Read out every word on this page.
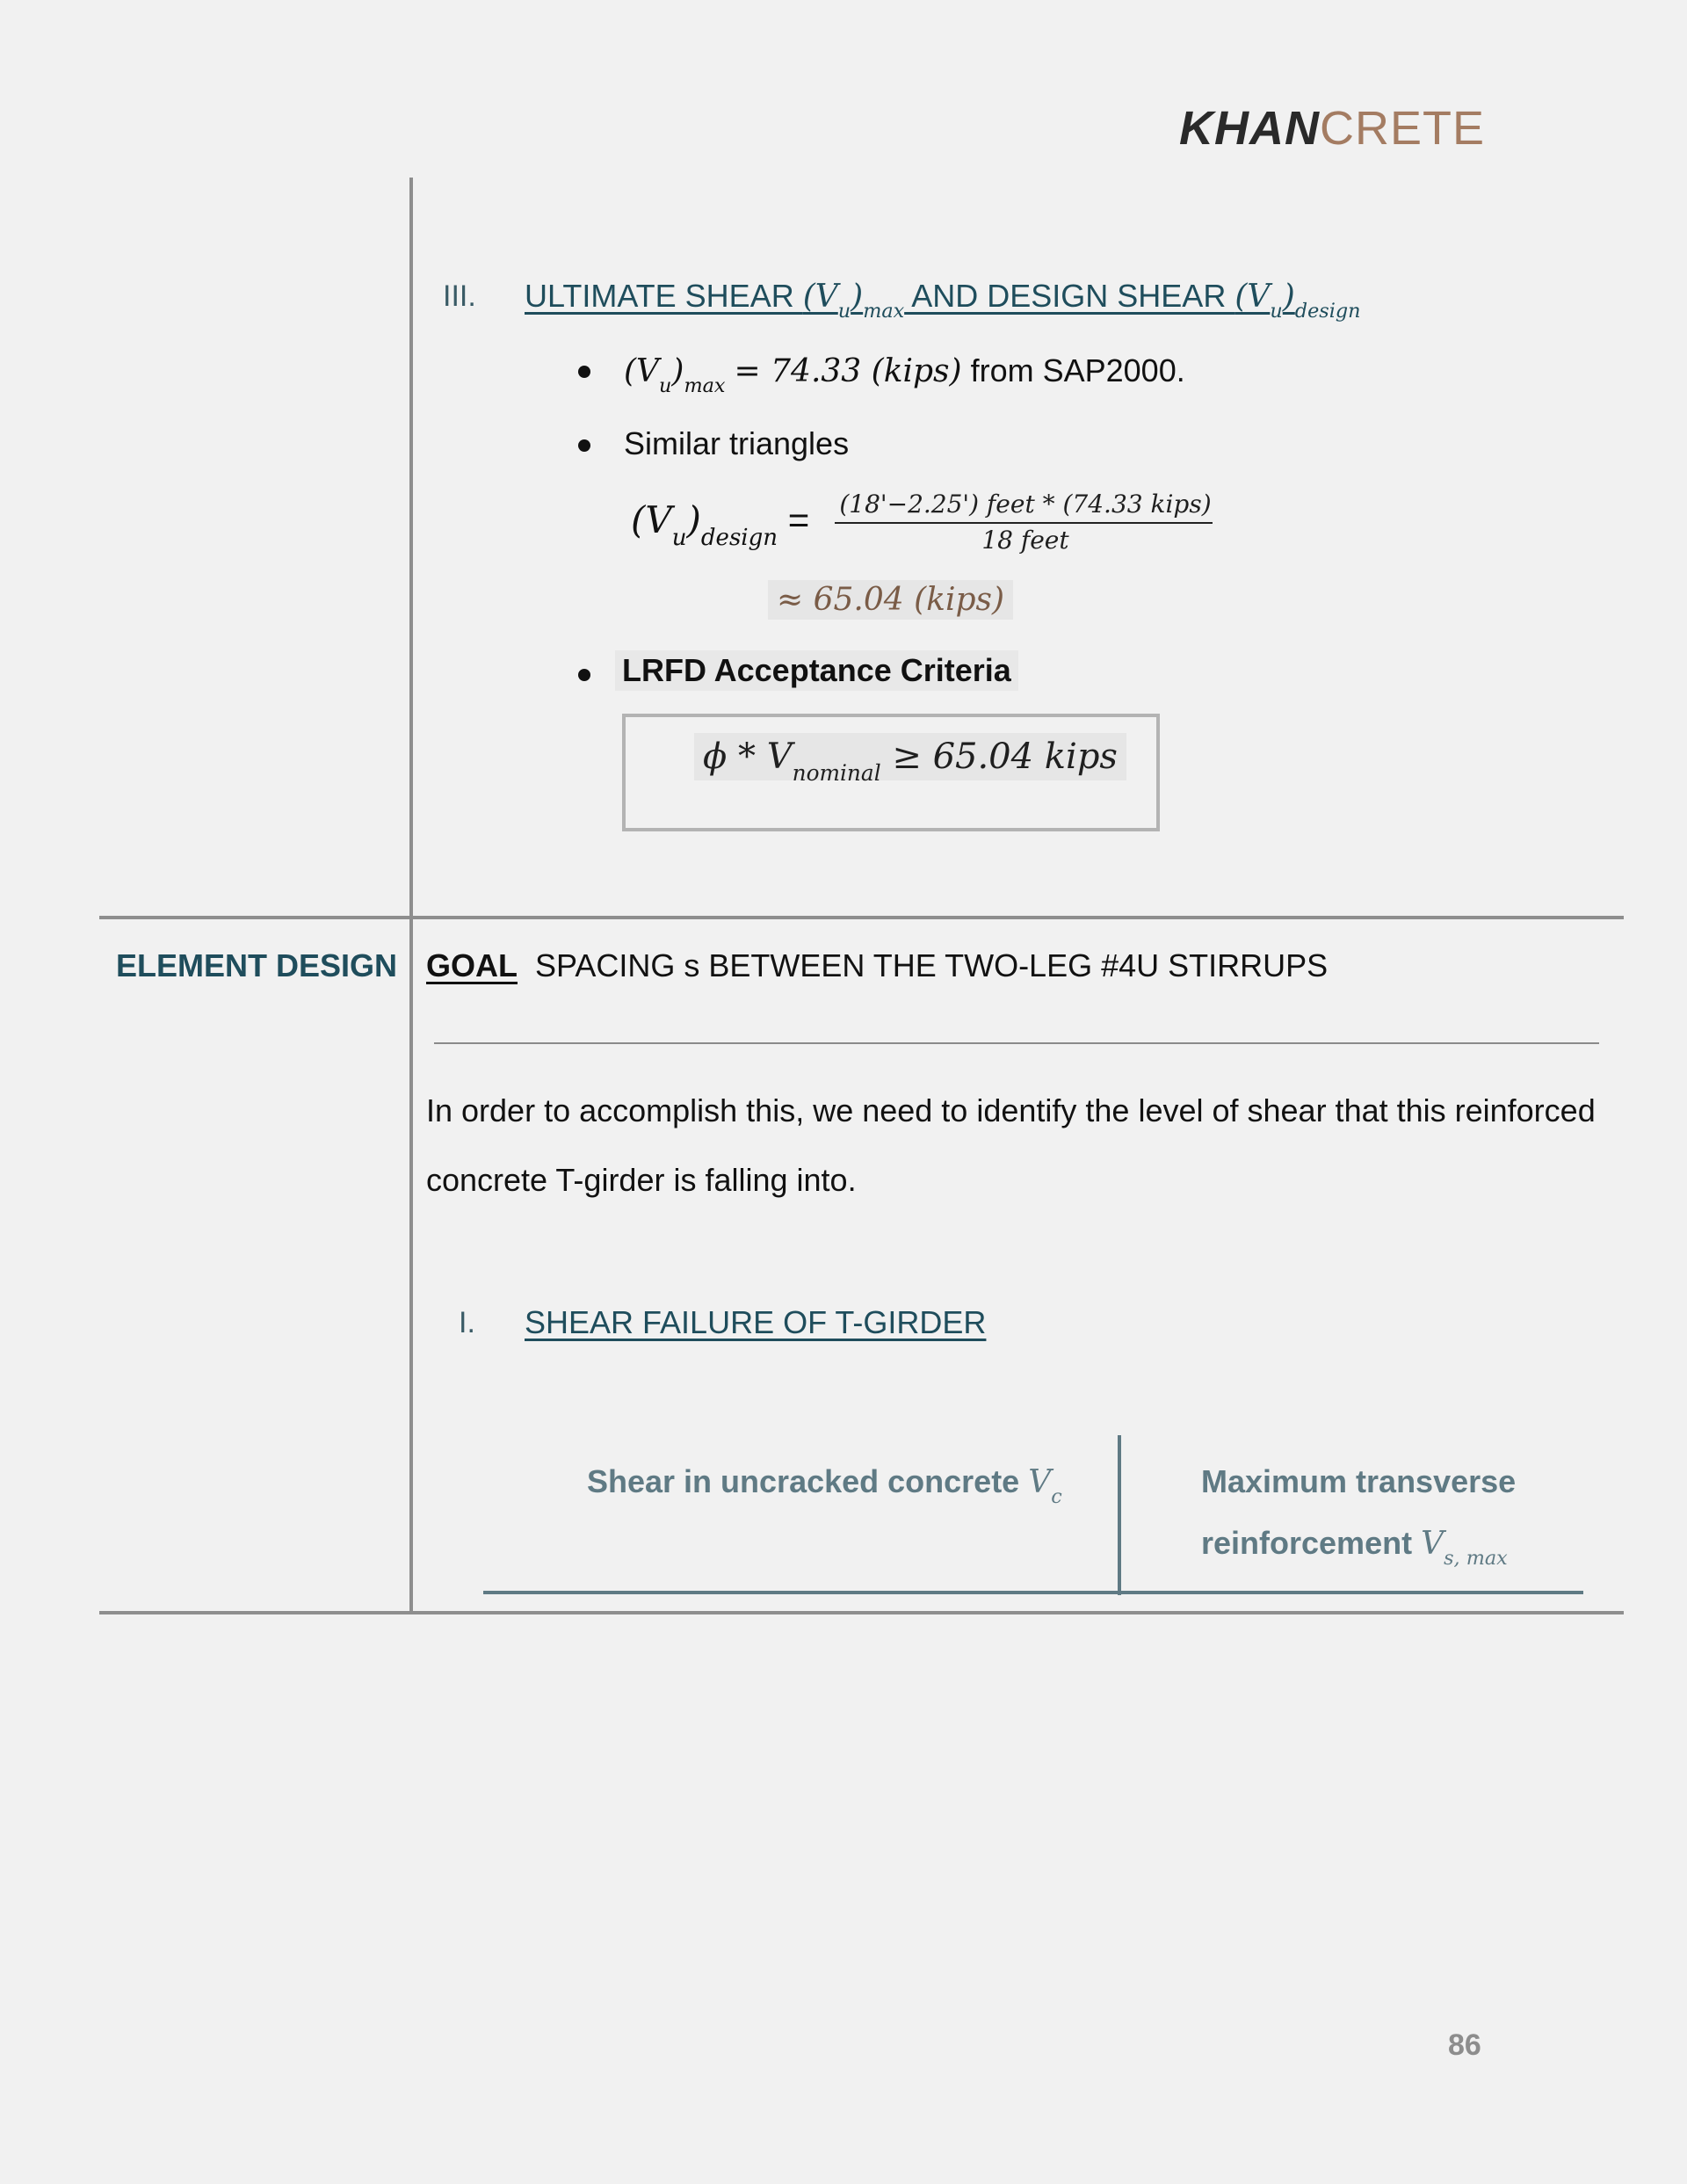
KHANCRETE
III. ULTIMATE SHEAR $(V_u)_{max}$ AND DESIGN SHEAR $(V_u)_{design}$
$(V_u)_{max} = 74.33$ (kips) from SAP2000.
Similar triangles
$(V_u)_{design} = (18'-2.25')$ feet * (74.33 kips)
18 feet
≈ 65.04 (kips)
LRFD Acceptance Criteria
$\phi * V_{nominal} \ge 65.04$ kips
ELEMENT DESIGN GOAL SPACING s BETWEEN THE TWO-LEG #4U STIRRUPS
In order to accomplish this, we need to identify the level of shear that this reinforced
concrete T-girder is falling into.
I. SHEAR FAILURE OF T-GIRDER
Shear in uncracked concrete $V_c$	Maximum transverse
reinforcement $V_{s, max}$
86
